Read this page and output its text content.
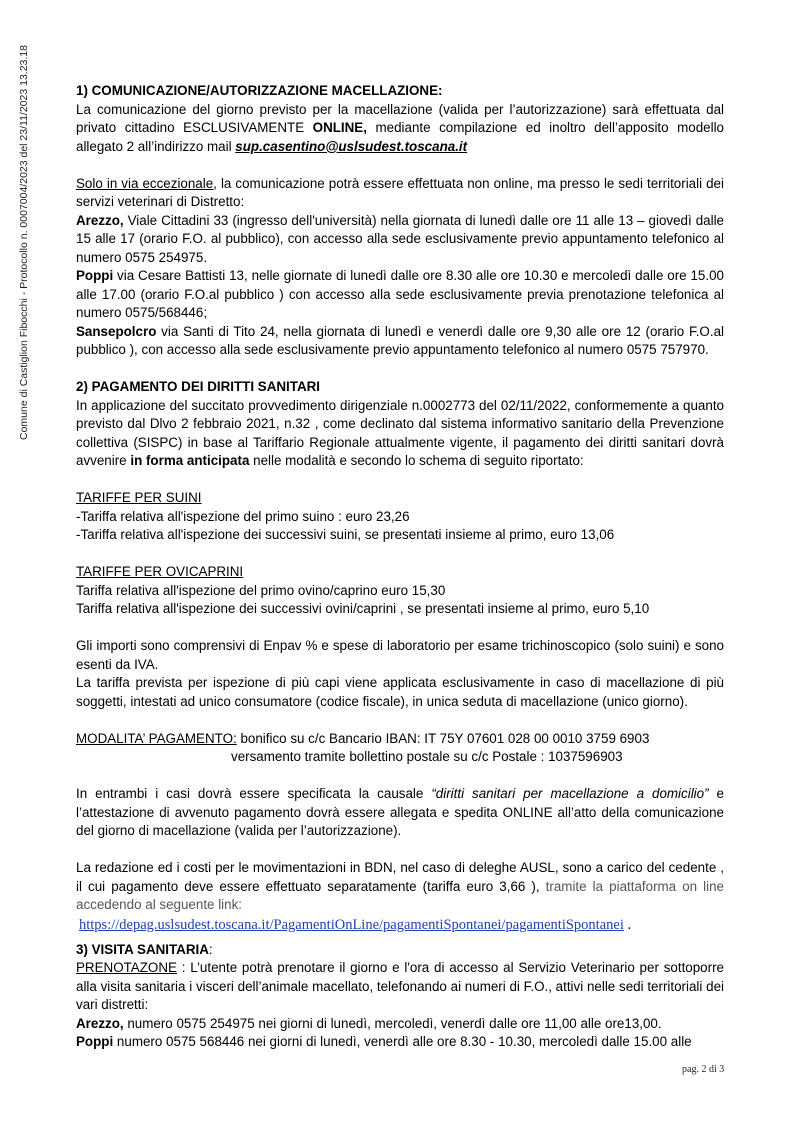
Comune di Castiglion Fibocchi - Protocollo n. 0007004/2023 del 23/11/2023 13.23.18	1) COMUNICAZIONE/AUTORIZZAZIONE MACELLAZIONE:

La comunicazione del giorno previsto per la macellazione (valida per l’autorizzazione) sarà effettuata dal privato cittadino ESCLUSIVAMENTE ONLINE, mediante compilazione ed inoltro dell’apposito modello allegato 2 all’indirizzo mail sup.casentino@uslsudest.toscana.it

Solo in via eccezionale, la comunicazione potrà essere effettuata non online, ma presso le sedi territoriali dei servizi veterinari di Distretto:

Arezzo, Viale Cittadini 33 (ingresso dell'università) nella giornata di lunedì dalle ore 11 alle 13 – giovedì dalle 15 alle 17 (orario F.O. al pubblico), con accesso alla sede esclusivamente previo appuntamento telefonico al numero 0575 254975.

Poppi via Cesare Battisti 13, nelle giornate di lunedì dalle ore 8.30 alle ore 10.30 e mercoledì dalle ore 15.00 alle 17.00 (orario F.O.al pubblico ) con accesso alla sede esclusivamente previa prenotazione telefonica al numero 0575/568446;

Sansepolcro via Santi di Tito 24, nella giornata di lunedì e venerdì dalle ore 9,30 alle ore 12 (orario F.O.al pubblico ), con accesso alla sede esclusivamente previo appuntamento telefonico al numero 0575 757970.

2) PAGAMENTO DEI DIRITTI SANITARI

In applicazione del succitato provvedimento dirigenziale n.0002773 del 02/11/2022, conformemente a quanto previsto dal Dlvo 2 febbraio 2021, n.32 , come declinato dal sistema informativo sanitario della Prevenzione collettiva (SISPC) in base al Tariffario Regionale attualmente vigente, il pagamento dei diritti sanitari dovrà avvenire in forma anticipata nelle modalità e secondo lo schema di seguito riportato:

TARIFFE PER SUINI

-Tariffa relativa all'ispezione del primo suino : euro 23,26

-Tariffa relativa all'ispezione dei successivi suini, se presentati insieme al primo, euro 13,06

TARIFFE PER OVICAPRINI

Tariffa relativa all'ispezione del primo ovino/caprino euro 15,30

Tariffa relativa all'ispezione dei successivi ovini/caprini , se presentati insieme al primo, euro 5,10

Gli importi sono comprensivi di Enpav % e spese di laboratorio per esame trichinoscopico (solo suini) e sono esenti da IVA.

La tariffa prevista per ispezione di più capi viene applicata esclusivamente in caso di macellazione di più soggetti, intestati ad unico consumatore (codice fiscale), in unica seduta di macellazione (unico giorno).

MODALITA’ PAGAMENTO: bonifico su c/c Bancario IBAN: IT 75Y 07601 028 00 0010 3759 6903

versamento tramite bollettino postale su c/c Postale : 1037596903

In entrambi i casi dovrà essere specificata la causale “diritti sanitari per macellazione a domicilio” e l’attestazione di avvenuto pagamento dovrà essere allegata e spedita ONLINE all’atto della comunicazione del giorno di macellazione (valida per l’autorizzazione).

La redazione ed i costi per le movimentazioni in BDN, nel caso di deleghe AUSL, sono a carico del cedente , il cui pagamento deve essere effettuato separatamente (tariffa euro 3,66 ), tramite la piattaforma on line accedendo al seguente link:

https://depag.uslsudest.toscana.it/PagamentiOnLine/pagamentiSpontanei/pagamentiSpontanei .

3) VISITA SANITARIA:

PRENOTAZONE : L’utente potrà prenotare il giorno e l'ora di accesso al Servizio Veterinario per sottoporre alla visita sanitaria i visceri dell’animale macellato, telefonando ai numeri di F.O., attivi nelle sedi territoriali dei vari distretti:

Arezzo, numero 0575 254975 nei giorni di lunedì, mercoledì, venerdì dalle ore 11,00 alle ore13,00.

Poppi numero 0575 568446 nei giorni di lunedì, venerdì alle ore 8.30 - 10.30, mercoledì dalle 15.00 alle

pag. 2 di 3
